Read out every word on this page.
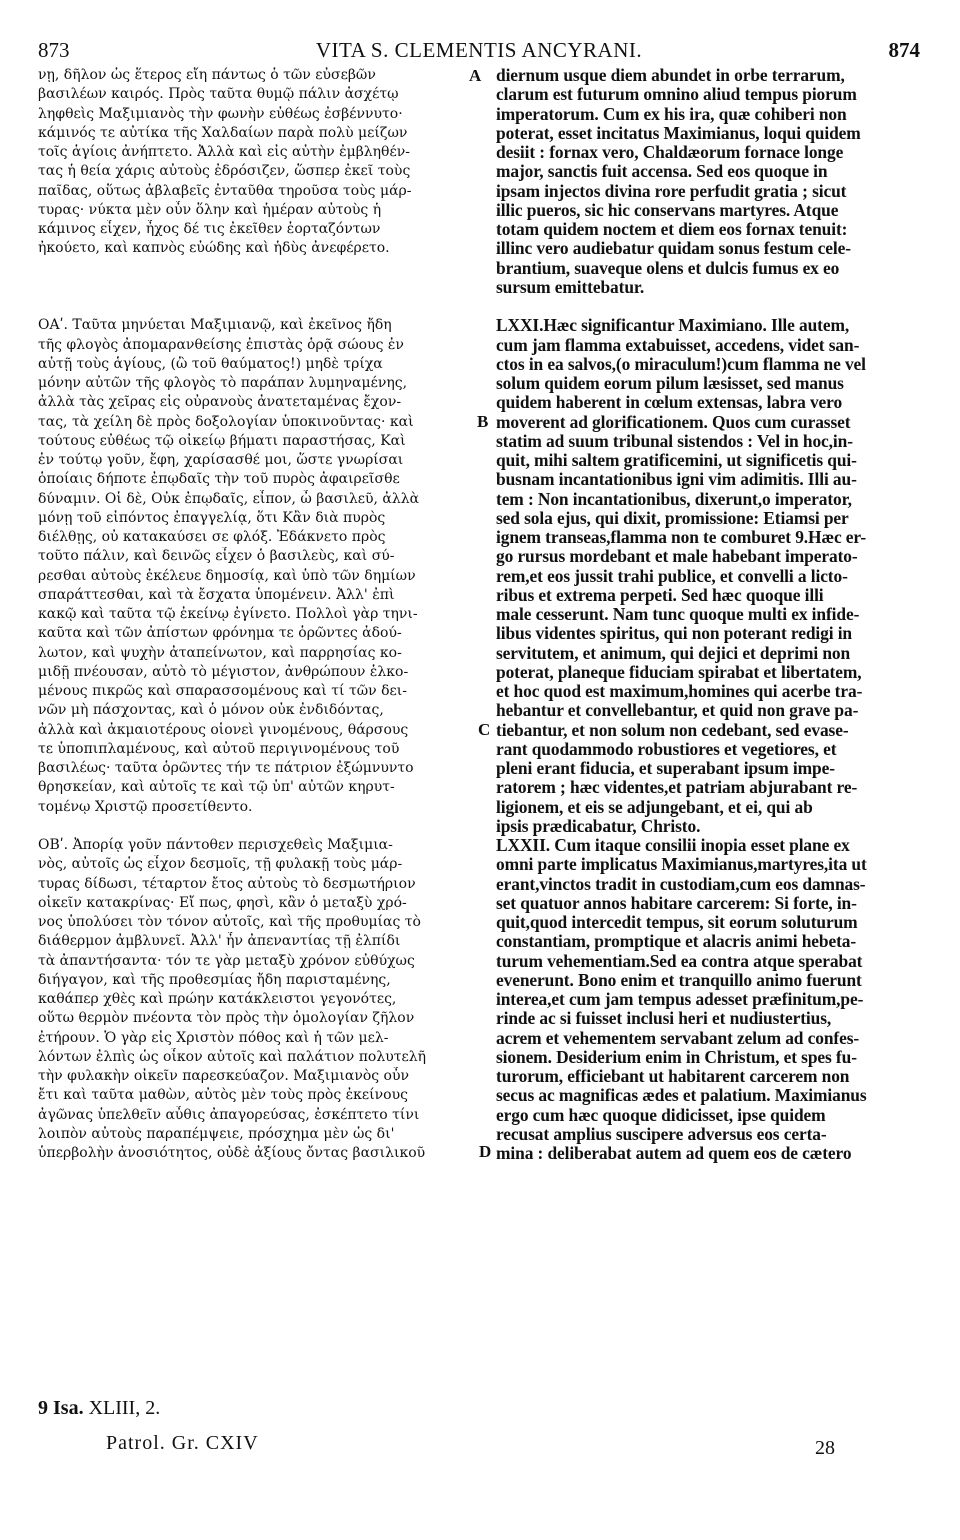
873	VITA S. CLEMENTIS ANCYRANI.	874

νῃ, δῆλον ὡς ἕτερος εἴη πάντως ὁ τῶν εὐσεβῶν

βασιλέων καιρός. Πρὸς ταῦτα θυμῷ πάλιν ἀσχέτῳ

ληφθεὶς Μαξιμιανὸς τὴν φωνὴν εὐθέως ἐσβέννυτο·

κάμινός τε αὐτίκα τῆς Χαλδαίων παρὰ πολὺ μείζων

τοῖς ἁγίοις ἀνήπτετο. Ἀλλὰ καὶ εἰς αὐτὴν ἐμβληθέν-

τας ἡ θεία χάρις αὐτοὺς ἐδρόσιζεν, ὥσπερ ἐκεῖ τοὺς

παῖδας, οὕτως ἀβλαβεῖς ἐνταῦθα τηροῦσα τοὺς μάρ-

τυρας· νύκτα μὲν οὖν ὅλην καὶ ἡμέραν αὐτοὺς ἡ

κάμινος εἶχεν, ἦχος δέ τις ἐκεῖθεν ἑορταζόντων

ἠκούετο, καὶ καπνὸς εὐώδης καὶ ἡδὺς ἀνεφέρετο.

ΟΑʹ. Ταῦτα μηνύεται Μαξιμιανῷ, καὶ ἐκεῖνος ἤδη

τῆς φλογὸς ἀπομαρανθείσης ἐπιστὰς ὁρᾷ σώους ἐν

αὐτῇ τοὺς ἁγίους, (ὢ τοῦ θαύματος!) μηδὲ τρίχα

μόνην αὐτῶν τῆς φλογὸς τὸ παράπαν λυμηναμένης,

ἀλλὰ τὰς χεῖρας εἰς οὐρανοὺς ἀνατεταμένας ἔχον-

τας, τὰ χείλη δὲ πρὸς δοξολογίαν ὑποκινοῦντας· καὶ

τούτους εὐθέως τῷ οἰκείῳ βήματι παραστήσας, Καὶ

ἐν τούτῳ γοῦν, ἔφη, χαρίσασθέ μοι, ὥστε γνωρίσαι

ὁποίαις δήποτε ἐπῳδαῖς τὴν τοῦ πυρὸς ἀφαιρεῖσθε

δύναμιν. Οἱ δὲ, Οὐκ ἐπῳδαῖς, εἶπον, ὦ βασιλεῦ, ἀλλὰ

μόνῃ τοῦ εἰπόντος ἐπαγγελίᾳ, ὅτι Κἂν διὰ πυρὸς

διέλθῃς, οὐ κατακαύσει σε φλόξ. Ἐδάκνετο πρὸς

τοῦτο πάλιν, καὶ δεινῶς εἶχεν ὁ βασιλεὺς, καὶ σύ-

ρεσθαι αὐτοὺς ἐκέλευε δημοσίᾳ, καὶ ὑπὸ τῶν δημίων

σπαράττεσθαι, καὶ τὰ ἔσχατα ὑπομένειν. Ἀλλ' ἐπὶ

κακῷ καὶ ταῦτα τῷ ἐκείνῳ ἐγίνετο. Πολλοὶ γὰρ τηνι-

καῦτα καὶ τῶν ἀπίστων φρόνημα τε ὁρῶντες ἀδού-

λωτον, καὶ ψυχὴν ἀταπείνωτον, καὶ παρρησίας κο-

μιδῇ πνέουσαν, αὐτὸ τὸ μέγιστον, ἀνθρώπουν ἑλκο-

μένους πικρῶς καὶ σπαρασσομένους καὶ τί τῶν δει-

νῶν μὴ πάσχοντας, καὶ ὁ μόνον οὐκ ἐνδιδόντας,

ἀλλὰ καὶ ἀκμαιοτέρους οἱονεὶ γινομένους, θάρσους

τε ὑποπιπλαμένους, καὶ αὐτοῦ περιγινομένους τοῦ

βασιλέως· ταῦτα ὁρῶντες τήν τε πάτριον ἐξώμνυντο

θρησκείαν, καὶ αὐτοῖς τε καὶ τῷ ὑπ' αὐτῶν κηρυτ-

τομένῳ Χριστῷ προσετίθεντο.

ΟΒʹ. Ἀπορίᾳ γοῦν πάντοθεν περισχεθεὶς Μαξιμια-

νὸς, αὐτοῖς ὡς εἶχον δεσμοῖς, τῇ φυλακῇ τοὺς μάρ-

τυρας δίδωσι, τέταρτον ἔτος αὐτοὺς τὸ δεσμωτήριον

οἰκεῖν κατακρίνας· Εἴ πως, φησὶ, κἂν ὁ μεταξὺ χρό-

νος ὑπολύσει τὸν τόνον αὐτοῖς, καὶ τῆς προθυμίας τὸ

διάθερμον ἀμβλυνεῖ. Ἀλλ' ἦν ἀπεναντίας τῇ ἐλπίδι

τὰ ἀπαντήσαντα· τόν τε γὰρ μεταξὺ χρόνον εὐθύχως

διήγαγον, καὶ τῆς προθεσμίας ἤδη παρισταμένης,

καθάπερ χθὲς καὶ πρώην κατάκλειστοι γεγονότες,

οὕτω θερμὸν πνέοντα τὸν πρὸς τὴν ὁμολογίαν ζῆλον

ἐτήρουν. Ὁ γὰρ εἰς Χριστὸν πόθος καὶ ἡ τῶν μελ-

λόντων ἐλπὶς ὡς οἶκον αὐτοῖς καὶ παλάτιον πολυτελῆ

τὴν φυλακὴν οἰκεῖν παρεσκεύαζον. Μαξιμιανὸς οὖν

ἔτι καὶ ταῦτα μαθὼν, αὐτὸς μὲν τοὺς πρὸς ἐκείνους

ἀγῶνας ὑπελθεῖν αὖθις ἀπαγορεύσας, ἐσκέπτετο τίνι

λοιπὸν αὐτοὺς παραπέμψειε, πρόσχημα μὲν ὡς δι'

ὑπερβολὴν ἀνοσιότητος, οὐδὲ ἀξίους ὄντας βασιλικοῦ

diernum usque diem abundet in orbe terrarum,

clarum est futurum omnino aliud tempus piorum

imperatorum. Cum ex his ira, quæ cohiberi non

poterat, esset incitatus Maximianus, loqui quidem

desiit : fornax vero, Chaldæorum fornace longe

major, sanctis fuit accensa. Sed eos quoque in

ipsam injectos divina rore perfudit gratia ; sicut

illic pueros, sic hic conservans martyres. Atque

totam quidem noctem et diem eos fornax tenuit:

illinc vero audiebatur quidam sonus festum cele-

brantium, suaveque olens et dulcis fumus ex eo

sursum emittebatur.

LXXI.Hæc significantur Maximiano. Ille autem,

cum jam flamma extabuisset, accedens, videt san-

ctos in ea salvos,(o miraculum!)cum flamma ne vel

solum quidem eorum pilum læsisset, sed manus

quidem haberent in cœlum extensas, labra vero

moverent ad glorificationem. Quos cum curasset

statim ad suum tribunal sistendos : Vel in hoc,in-

quit, mihi saltem gratificemini, ut significetis qui-

busnam incantationibus igni vim adimitis. Illi au-

tem : Non incantationibus, dixerunt,o imperator,

sed sola ejus, qui dixit, promissione: Etiamsi per

ignem transeas,flamma non te comburet 9.Hæc er-

go rursus mordebant et male habebant imperato-

rem,et eos jussit trahi publice, et convelli a licto-

ribus et extrema perpeti. Sed hæc quoque illi

male cesserunt. Nam tunc quoque multi ex infide-

libus videntes spiritus, qui non poterant redigi in

servitutem, et animum, qui dejici et deprimi non

poterat, planeque fiduciam spirabat et libertatem,

et hoc quod est maximum,homines qui acerbe tra-

hebantur et convellebantur, et quid non grave pa-

tiebantur, et non solum non cedebant, sed evase-

rant quodammodo robustiores et vegetiores, et

pleni erant fiducia, et superabant ipsum impe-

ratorem ; hæc videntes,et patriam abjurabant re-

ligionem, et eis se adjungebant, et ei, qui ab

ipsis prædicabatur, Christo.

LXXII. Cum itaque consilii inopia esset plane ex

omni parte implicatus Maximianus,martyres,ita ut

erant,vinctos tradit in custodiam,cum eos damnas-

set quatuor annos habitare carcerem: Si forte, in-

quit,quod intercedit tempus, sit eorum soluturum

constantiam, promptique et alacris animi hebeta-

turum vehementiam.Sed ea contra atque sperabat

evenerunt. Bono enim et tranquillo animo fuerunt

interea,et cum jam tempus adesset præfinitum,pe-

rinde ac si fuisset inclusi heri et nudiustertius,

acrem et vehementem servabant zelum ad confes-

sionem. Desiderium enim in Christum, et spes fu-

turorum, efficiebant ut habitarent carcerem non

secus ac magnificas ædes et palatium. Maximianus

ergo cum hæc quoque didicisset, ipse quidem

recusat amplius suscipere adversus eos certa-

mina : deliberabat autem ad quem eos de cætero

A
B
C
D
9 Isa. XLIII, 2.
Patrol. Gr. CXIV	28
